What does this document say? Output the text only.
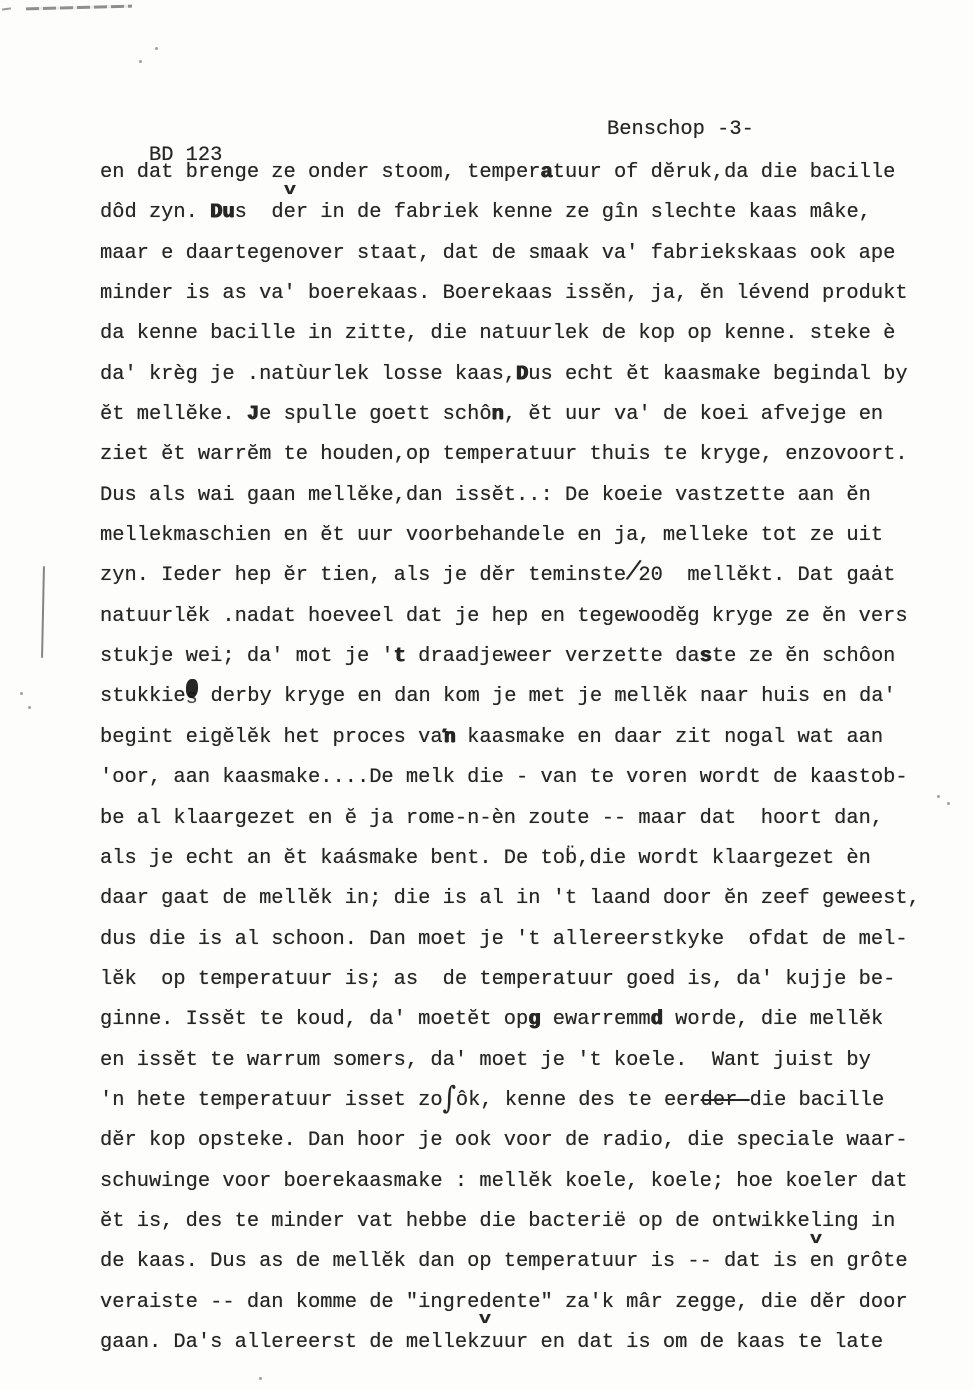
BD 123

Benschop -3-

en dat brenge ze onder stoom, temperatuur of dĕruk,da die bacille
dôd zyn. Dus  d
v
er in de fabriek kenne ze gîn slechte kaas mâke,
maar e daartegenover staat, dat de smaak va' fabriekskaas ook ape
minder is as va' boerekaas. Boerekaas issĕn, ja, ĕn lévend produkt
da kenne bacille in zitte, die natuurlek de kop op kenne. steke è
da' krèg je .natùurlek losse kaas,Dus echt ĕt kaasmake begindal by
ĕt mellĕke. Je spulle goett schôn, ĕt uur va' de koei afvejge en
ziet ĕt warrĕm te houden,op temperatuur thuis te kryge, enzovoort.
Dus als wai gaan mellĕke,dan issĕt..: De koeie vastzette aan ĕn
mellekmaschien en ĕt uur voorbehandele en ja, melleke tot ze uit
zyn. Ieder hep ĕr tien, als je dĕr teminste/20  mellĕkt. Dat gaȧt
natuurlĕk .nadat hoeveel dat je hep en tegewoodĕg kryge ze ĕn vers
stukje wei; da' mot je 't draadjeweer verzette daste ze ĕn schôon
stukkies derby kryge en dan kom je met je mellĕk naar huis en da'
begint eigĕlĕk het proces vaŉ kaasmake en daar zit nogal wat aan
'oor, aan kaasmake....De melk die - van te voren wordt de kaastob-
be al klaargezet en ĕ ja rome-n-èn zoute -- maar dat  hoort dan,
als je echt an ĕt kaásmake bent. De tob̈,die wordt klaargezet èn
daar gaat de mellĕk in; die is al in 't laand door ĕn zeef geweest,
dus die is al schoon. Dan moet je 't allereerstkyke  ofdat de mel-
lĕk  op temperatuur is; as  de temperatuur goed is, da' kujje be-
ginne. Issĕt te koud, da' moetĕt opg ewarremmd worde, die mellĕk
en issĕt te warrum somers, da' moet je 't koele.  Want juist by
'n hete temperatuur isset zo∫ôk, kenne des te eerder–die bacille
dĕr kop opsteke. Dan hoor je ook voor de radio, die speciale waar-
schuwinge voor boerekaasmake : mellĕk koele, koele; hoe koeler dat
ĕt is, des te minder vat hebbe die bacterië op de ontwikkeling in
de kaas. Dus as de mellĕk dan op temperatuur is -- dat is
v
en grôte
veraiste -- dan komme de "ingredente" za'k mâr zegge, die dĕr door
gaan. Da's allereerst de mellek
v
zuur en dat is om de kaas te late
